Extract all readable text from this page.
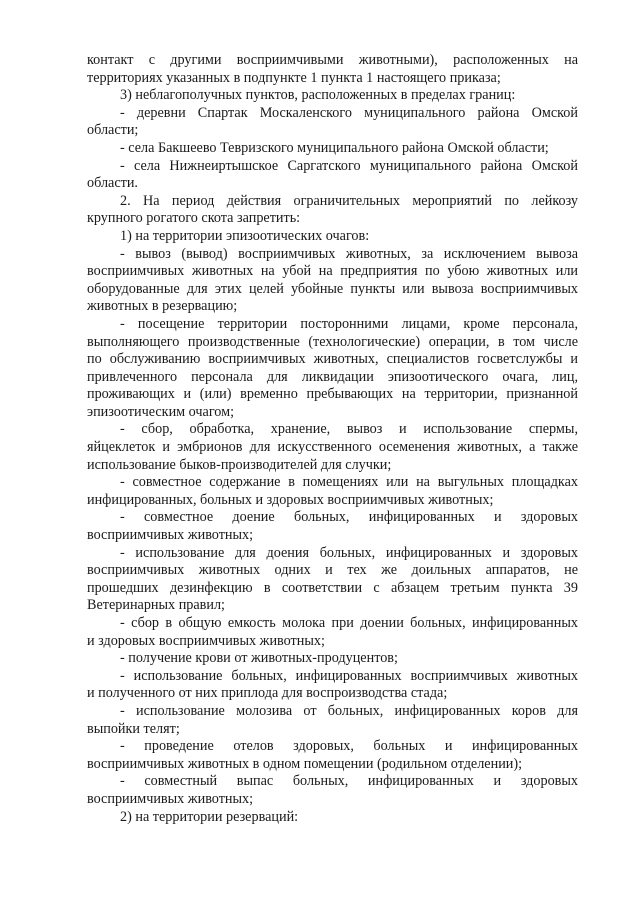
контакт с другими восприимчивыми животными), расположенных на
территориях указанных в подпункте 1 пункта 1 настоящего приказа;
3) неблагополучных пунктов, расположенных в пределах границ:
- деревни Спартак Москаленского муниципального района Омской
области;
- села Бакшеево Тевризского муниципального района Омской области;
- села Нижнеиртышское Саргатского муниципального района Омской
области.
2. На период действия ограничительных мероприятий по лейкозу
крупного рогатого скота запретить:
1) на территории эпизоотических очагов:
- вывоз (вывод) восприимчивых животных, за исключением вывоза
восприимчивых животных на убой на предприятия по убою животных или
оборудованные для этих целей убойные пункты или вывоза восприимчивых
животных в резервацию;
- посещение территории посторонними лицами, кроме персонала,
выполняющего производственные (технологические) операции, в том числе
по обслуживанию восприимчивых животных, специалистов госветслужбы и
привлеченного персонала для ликвидации эпизоотического очага, лиц,
проживающих и (или) временно пребывающих на территории, признанной
эпизоотическим очагом;
- сбор, обработка, хранение, вывоз и использование спермы,
яйцеклеток и эмбрионов для искусственного осеменения животных, а также
использование быков-производителей для случки;
- совместное содержание в помещениях или на выгульных площадках
инфицированных, больных и здоровых восприимчивых животных;
- совместное доение больных, инфицированных и здоровых
восприимчивых животных;
- использование для доения больных, инфицированных и здоровых
восприимчивых животных одних и тех же доильных аппаратов, не
прошедших дезинфекцию в соответствии с абзацем третьим пункта 39
Ветеринарных правил;
- сбор в общую емкость молока при доении больных, инфицированных
и здоровых восприимчивых животных;
- получение крови от животных-продуцентов;
- использование больных, инфицированных восприимчивых животных
и полученного от них приплода для воспроизводства стада;
- использование молозива от больных, инфицированных коров для
выпойки телят;
- проведение отелов здоровых, больных и инфицированных
восприимчивых животных в одном помещении (родильном отделении);
- совместный выпас больных, инфицированных и здоровых
восприимчивых животных;
2) на территории резерваций:
